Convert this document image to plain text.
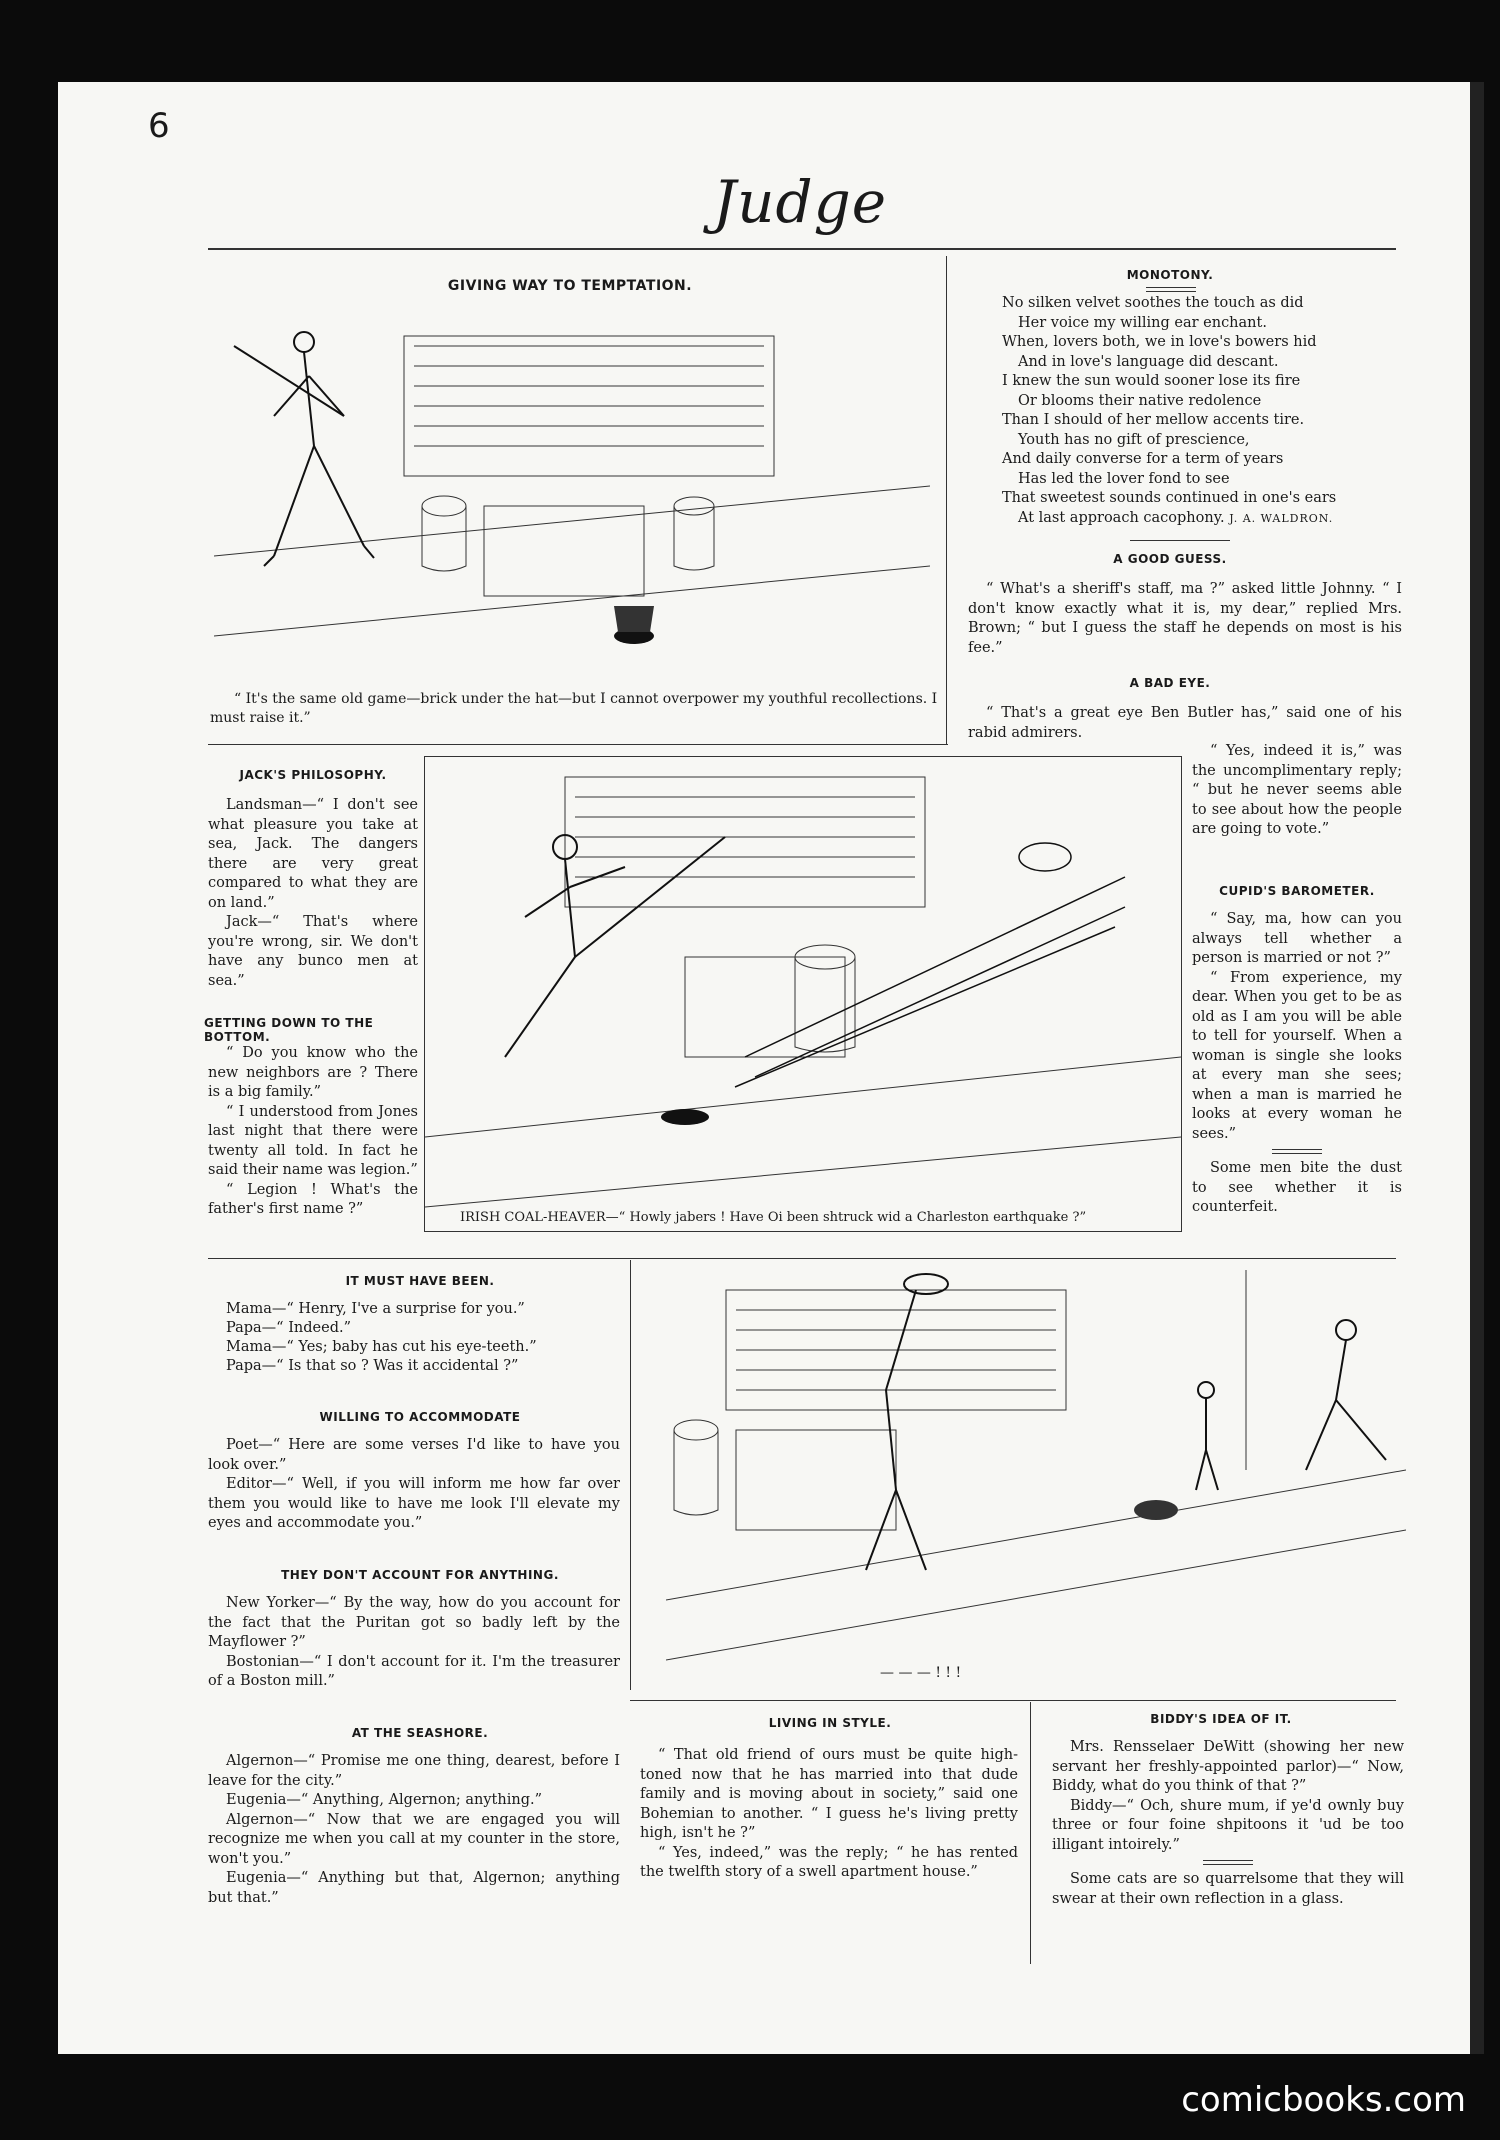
6
Judge
GIVING WAY TO TEMPTATION.
“ It's the same old game—brick under the hat—but I cannot overpower my youthful recollections. I must raise it.”
MONOTONY.
No silken velvet soothes the touch as did
Her voice my willing ear enchant.
When, lovers both, we in love's bowers hid
And in love's language did descant.
I knew the sun would sooner lose its fire
Or blooms their native redolence
Than I should of her mellow accents tire.
Youth has no gift of prescience,
And daily converse for a term of years
Has led the lover fond to see
That sweetest sounds continued in one's ears
At last approach cacophony. J. A. WALDRON.
A GOOD GUESS.

“ What's a sheriff's staff, ma ?” asked little Johnny. “ I don't know exactly what it is, my dear,” replied Mrs. Brown; “ but I guess the staff he depends on most is his fee.”

A BAD EYE.

“ That's a great eye Ben Butler has,” said one of his rabid admirers.

“ Yes, indeed it is,” was the uncomplimentary reply; “ but he never seems able to see about how the people are going to vote.”

CUPID'S BAROMETER.

“ Say, ma, how can you always tell whether a person is married or not ?”

“ From experience, my dear. When you get to be as old as I am you will be able to tell for yourself. When a woman is single she looks at every man she sees; when a man is married he looks at every woman he sees.”

Some men bite the dust to see whether it is counterfeit.

JACK'S PHILOSOPHY.

Landsman—“ I don't see what pleasure you take at sea, Jack. The dangers there are very great compared to what they are on land.”

Jack—“ That's where you're wrong, sir. We don't have any bunco men at sea.”

GETTING DOWN TO THE BOTTOM.

“ Do you know who the new neighbors are ? There is a big family.”

“ I understood from Jones last night that there were twenty all told. In fact he said their name was legion.”

“ Legion ! What's the father's first name ?”

IRISH COAL-HEAVER—“ Howly jabers ! Have Oi been shtruck wid a Charleston earthquake ?”
IT MUST HAVE BEEN.
Mama—“ Henry, I've a surprise for you.”
Papa—“ Indeed.”
Mama—“ Yes; baby has cut his eye-teeth.”
Papa—“ Is that so ? Was it accidental ?”
WILLING TO ACCOMMODATE

Poet—“ Here are some verses I'd like to have you look over.”

Editor—“ Well, if you will inform me how far over them you would like to have me look I'll elevate my eyes and accommodate you.”

THEY DON'T ACCOUNT FOR ANYTHING.

New Yorker—“ By the way, how do you account for the fact that the Puritan got so badly left by the Mayflower ?”

Bostonian—“ I don't account for it. I'm the treasurer of a Boston mill.”

AT THE SEASHORE.

Algernon—“ Promise me one thing, dearest, before I leave for the city.”

Eugenia—“ Anything, Algernon; anything.”

Algernon—“ Now that we are engaged you will recognize me when you call at my counter in the store, won't you.”

Eugenia—“ Anything but that, Algernon; anything but that.”

— — — ! ! !
LIVING IN STYLE.

“ That old friend of ours must be quite high-toned now that he has married into that dude family and is moving about in society,” said one Bohemian to another. “ I guess he's living pretty high, isn't he ?”

“ Yes, indeed,” was the reply; “ he has rented the twelfth story of a swell apartment house.”

BIDDY'S IDEA OF IT.

Mrs. Rensselaer DeWitt (showing her new servant her freshly-appointed parlor)—“ Now, Biddy, what do you think of that ?”

Biddy—“ Och, shure mum, if ye'd ownly buy three or four foine shpitoons it 'ud be too illigant intoirely.”

Some cats are so quarrelsome that they will swear at their own reflection in a glass.

comicbooks.com
